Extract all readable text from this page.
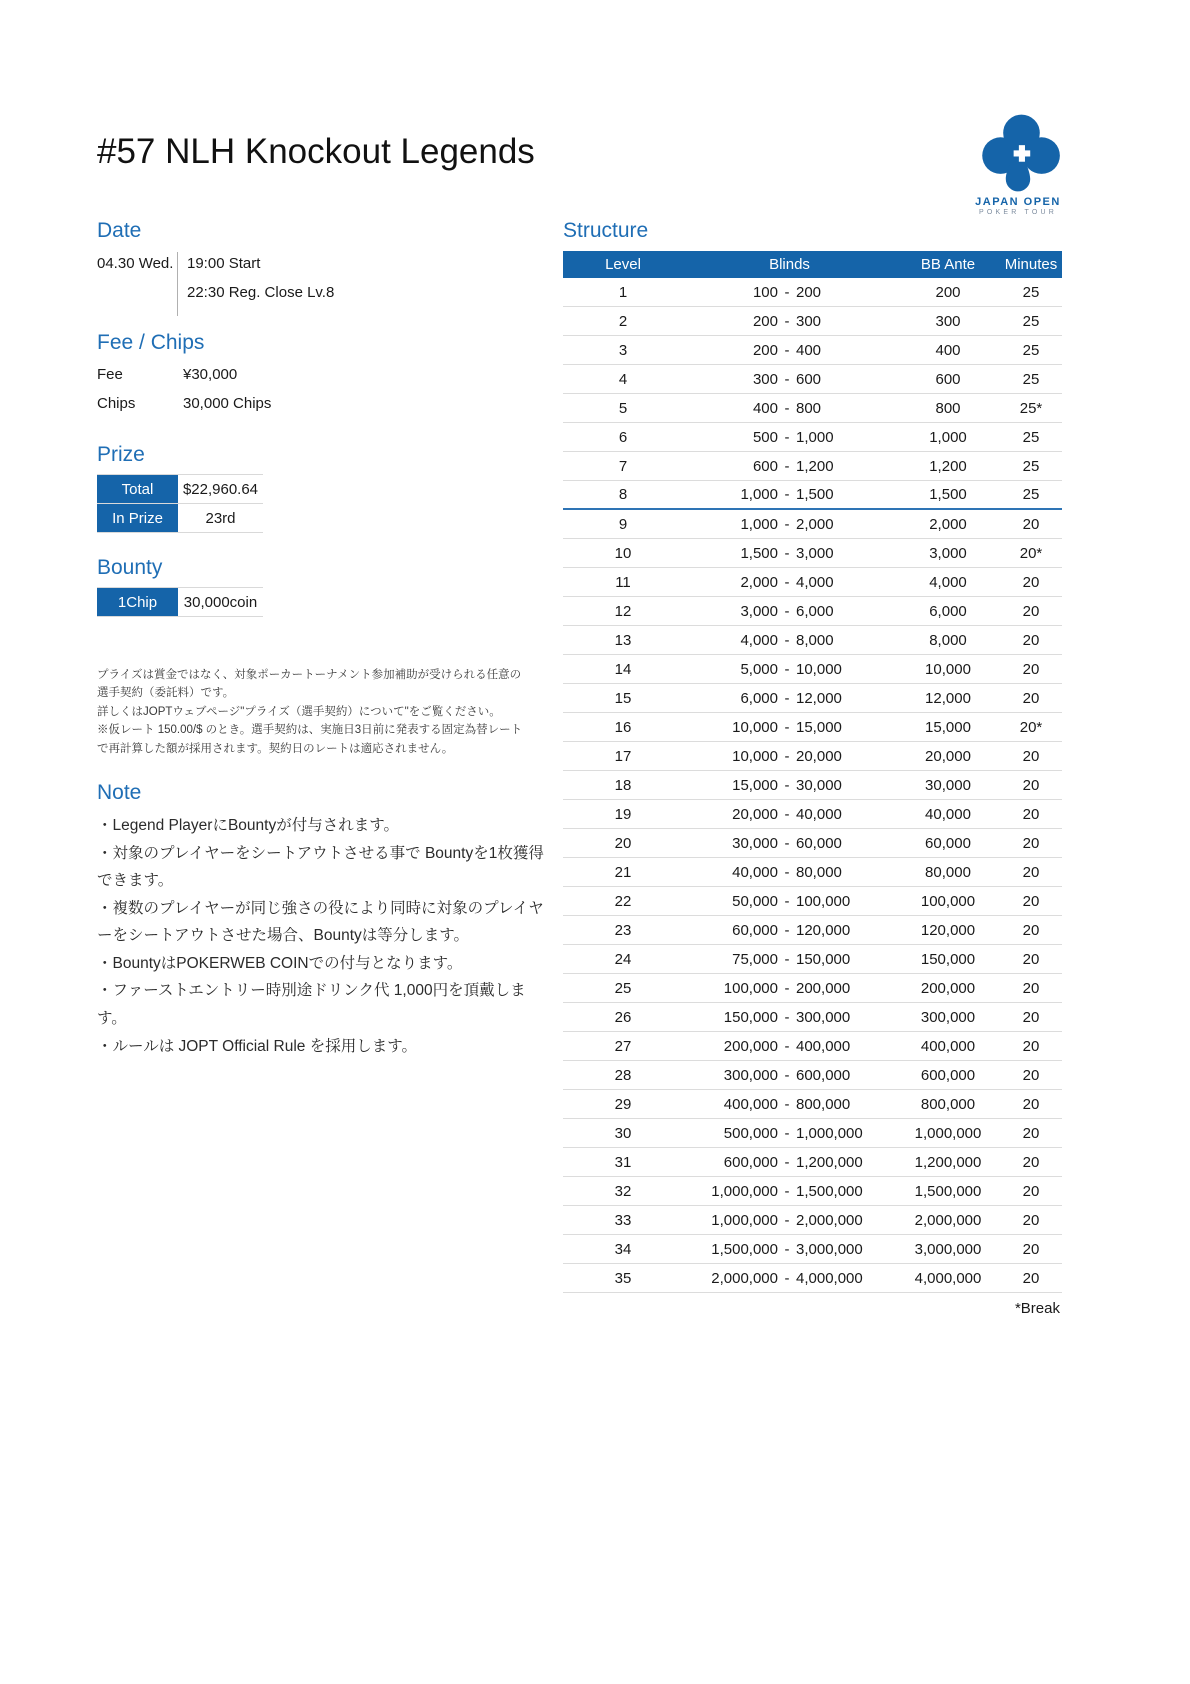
#57 NLH Knockout Legends
JAPAN OPEN
POKER TOUR
Date
04.30 Wed. 19:00 Start
22:30 Reg. Close Lv.8
Fee / Chips
Fee	¥30,000
Chips	30,000 Chips
Prize
Total	$22,960.64
In Prize	23rd
Bounty
1Chip	30,000coin
プライズは賞金ではなく、対象ポーカートーナメント参加補助が受けられる任意の選手契約（委託料）です。
詳しくはJOPTウェブページ"プライズ（選手契約）について"をご覧ください。
※仮レート 150.00/$ のとき。選手契約は、実施日3日前に発表する固定為替レートで再計算した額が採用されます。契約日のレートは適応されません。
Note
・Legend PlayerにBountyが付与されます。
・対象のプレイヤーをシートアウトさせる事で Bountyを1枚獲得できます。
・複数のプレイヤーが同じ強さの役により同時に対象のプレイヤーをシートアウトさせた場合、Bountyは等分します。
・BountyはPOKERWEB COINでの付与となります。
・ファーストエントリー時別途ドリンク代 1,000円を頂戴します。
・ルールは JOPT Official Rule を採用します。
Structure
Level	Blinds	BB Ante	Minutes
1	100 - 200	200	25
2	200 - 300	300	25
3	200 - 400	400	25
4	300 - 600	600	25
5	400 - 800	800	25*
6	500 - 1,000	1,000	25
7	600 - 1,200	1,200	25
8	1,000 - 1,500	1,500	25
9	1,000 - 2,000	2,000	20
10	1,500 - 3,000	3,000	20*
11	2,000 - 4,000	4,000	20
12	3,000 - 6,000	6,000	20
13	4,000 - 8,000	8,000	20
14	5,000 - 10,000	10,000	20
15	6,000 - 12,000	12,000	20
16	10,000 - 15,000	15,000	20*
17	10,000 - 20,000	20,000	20
18	15,000 - 30,000	30,000	20
19	20,000 - 40,000	40,000	20
20	30,000 - 60,000	60,000	20
21	40,000 - 80,000	80,000	20
22	50,000 - 100,000	100,000	20
23	60,000 - 120,000	120,000	20
24	75,000 - 150,000	150,000	20
25	100,000 - 200,000	200,000	20
26	150,000 - 300,000	300,000	20
27	200,000 - 400,000	400,000	20
28	300,000 - 600,000	600,000	20
29	400,000 - 800,000	800,000	20
30	500,000 - 1,000,000	1,000,000	20
31	600,000 - 1,200,000	1,200,000	20
32	1,000,000 - 1,500,000	1,500,000	20
33	1,000,000 - 2,000,000	2,000,000	20
34	1,500,000 - 3,000,000	3,000,000	20
35	2,000,000 - 4,000,000	4,000,000	20
*Break
